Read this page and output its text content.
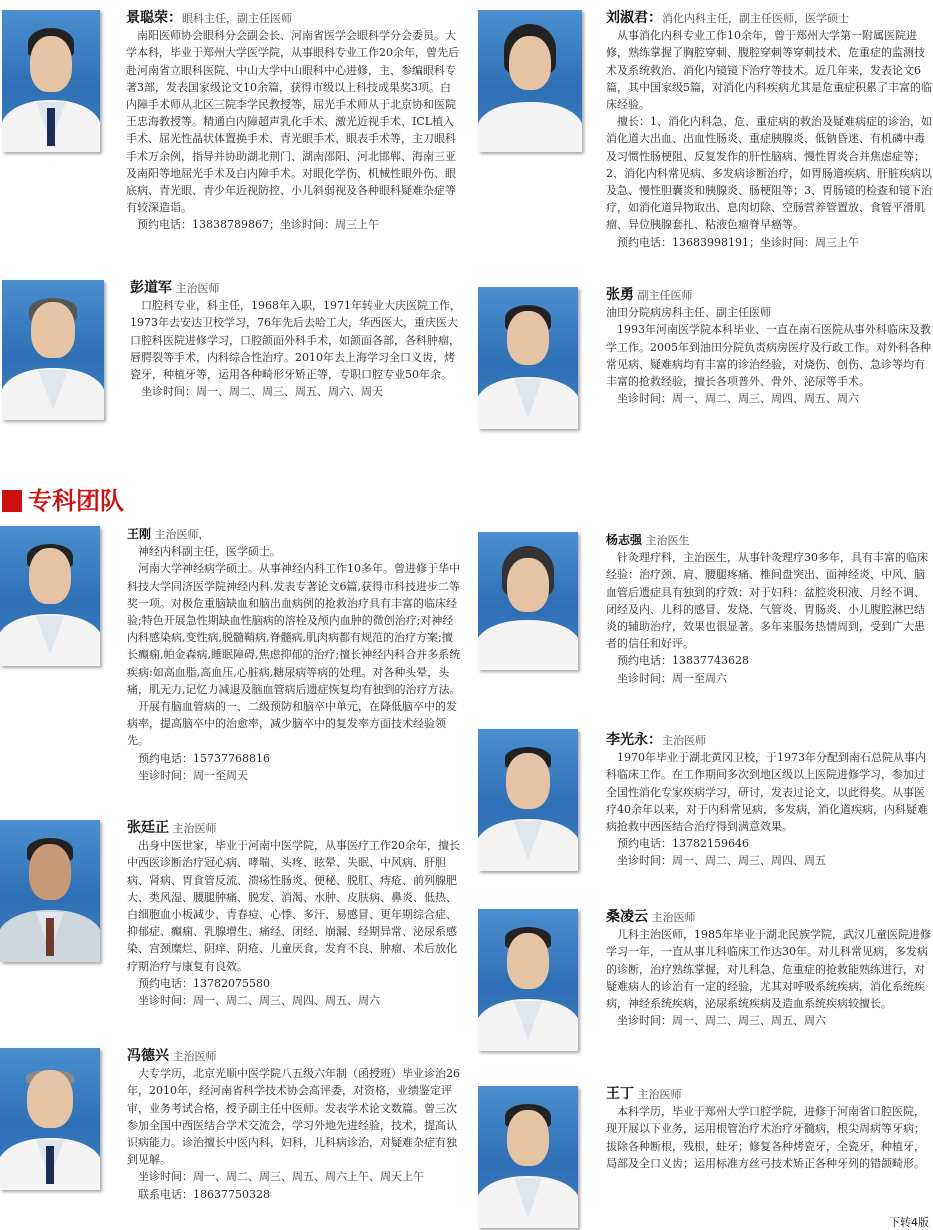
景聪荣：眼科主任，副主任医师

南阳医师协会眼科分会副会长、河南省医学会眼科学分会委员。大学本科，毕业于郑州大学医学院，从事眼科专业工作20余年，曾先后赴河南省立眼科医院、中山大学中山眼科中心进修，主、参编眼科专著3部，发表国家级论文10余篇，获得市级以上科技成果奖3项。白内障手术师从北区三院李学民教授等，屈光手术师从于北京协和医院王忠海教授等。精通白内障超声乳化手术、激光近视手术、ICL植入手术、屈光性晶状体置换手术、青光眼手术、眼表手术等，主刀眼科手术万余例，指导并协助湖北荆门、湖南邵阳、河北邯郸、海南三亚及南阳等地屈光手术及白内障手术。对眼化学伤、机械性眼外伤、眼底病、青光眼、青少年近视防控、小儿斜弱视及各种眼科疑难杂症等有较深造诣。

预约电话：13838789867；坐诊时间：周三上午

彭道军 主治医师

口腔科专业，科主任，1968年入职，1971年转业大庆医院工作，1973年去安达卫校学习，76年先后去哈工大，华西医大，重庆医大口腔科医院进修学习，口腔颌面外科手术，如颌面各部，各科肿瘤，唇腭裂等手术，内科综合性治疗。2010年去上海学习全口义齿，烤瓷牙，种植牙等，运用各种畸形牙矫正等，专职口腔专业50年余。

坐诊时间：周一、周二、周三、周五、周六、周天

刘淑君：消化内科主任，副主任医师，医学硕士

从事消化内科专业工作10余年，曾于郑州大学第一附属医院进修，熟练掌握了胸腔穿刺、腹腔穿刺等穿刺技术、危重症的监测技术及系统救治、消化内镜镜下治疗等技术。近几年来，发表论文6篇，其中国家级5篇，对消化内科疾病尤其是危重症积累了丰富的临床经验。

擅长：1、消化内科急、危、重症病的救治及疑难病症的诊治，如消化道大出血、出血性肠炎、重症胰腺炎、低钠昏迷、有机磷中毒及习惯性肠梗阻、反复发作的肝性脑病、慢性胃炎合并焦虑症等；2、消化内科常见病、多发病诊断治疗，如胃肠道疾病、肝脏疾病以及急、慢性胆囊炎和胰腺炎、肠梗阻等；3、胃肠镜的检查和镜下治疗，如消化道异物取出、息肉切除、空肠营养管置放、食管平滑肌瘤、异位胰腺套扎、粘液色瘤脊早癌等。

预约电话：13683998191；坐诊时间：周三上午

张勇 副主任医师

油田分院病房科主任、副主任医师

1993年河南医学院本科毕业、一直在南石医院从事外科临床及教学工作。2005年到油田分院负责病房医疗及行政工作。对外科各种常见病、疑难病均有丰富的诊治经验，对烧伤、创伤、急诊等均有丰富的抢救经验，擅长各项普外、骨外、泌尿等手术。

坐诊时间：周一、周二、周三、周四、周五、周六

专科团队
王刚 主治医师，

神经内科副主任，医学硕士。

河南大学神经病学硕士。从事神经内科工作10多年。曾进修于华中科技大学同济医学院神经内科.发表专著论文6篇,获得市科技进步二等奖一项。对极危重脑缺血和脑出血病例的抢救治疗具有丰富的临床经验;特色开展急性期缺血性脑病的溶栓及颅内血肿的微创治疗;对神经内科感染病,变性病,脱髓鞘病,脊髓病,肌肉病都有规范的治疗方案;擅长癫痫,帕金森病,睡眠障碍,焦虑抑郁的治疗;擅长神经内科合并多系统疾病:如高血脂,高血压,心脏病,糖尿病等病的处理。对各种头晕，头痛，肌无力,记忆力减退及脑血管病后遗症恢复均有独到的治疗方法。

开展有脑血管病的一、二级预防和脑卒中单元，在降低脑卒中的发病率，提高脑卒中的治愈率，减少脑卒中的复发率方面技术经验领先。

预约电话：15737768816

坐诊时间：周一至周天

张廷正 主治医师

出身中医世家，毕业于河南中医学院，从事医疗工作20余年，擅长中西医诊断治疗冠心病、哮喘、头疼、眩晕、失眠、中风病、肝胆病、肾病、胃食管反流、溃疡性肠炎、便秘、脱肛、痔疮、前列腺肥大、类风湿、腰腿肿痛、脱发、消渴、水肿、皮肤病、鼻炎、低热、白细胞血小板减少、青春痘、心悸、多汗、易感冒、更年期综合症、抑郁症、癫痫、乳腺增生、痛经、闭经、崩漏、经期异常、泌尿系感染、宫颈糜烂、阴痒、阴疮、儿童厌食，发育不良、肿瘤、术后放化疗期治疗与康复有良效。

预约电话：13782075580

坐诊时间：周一、周二、周三、周四、周五、周六

冯德兴 主治医师

大专学历，北京光顺中医学院八五级六年制（函授班）毕业诊治26年，2010年，经河南省科学技术协会高评委，对资格，业绩鉴定评审，业务考试合格，授予副主任中医师。发表学术论文数篇。曾三次参加全国中西医结合学术交流会，学习外地先进经验，技术，提高认识病能力。诊治擅长中医内科，妇科，儿科病诊治，对疑难杂症有独到见解。

坐诊时间：周一、周二、周三、周五、周六上午、周天上午

联系电话：18637750328

杨志强 主治医生

针灸理疗科，主治医生，从事针灸理疗30多年，具有丰富的临床经验：治疗颈、肩、腰腿疼痛、椎间盘突出、面神经炎、中风、脑血管后遗症具有独到的疗效：对于妇科：盆腔炎积液、月经不调、闭经及内、儿科的感冒、发烧、气管炎、胃肠炎、小儿腹腔淋巴结炎的辅助治疗，效果也很显著。多年来服务热情周到，受到广大患者的信任和好评。

预约电话：13837743628

坐诊时间：周一至周六

李光永：主治医师

1970年毕业于湖北黄冈卫校，于1973年分配到南石总院从事内科临床工作。在工作期间多次到地区级以上医院进修学习，参加过全国性消化专家疾病学习，研讨，发表过论文，以此得奖。从事医疗40余年以来，对于内科常见病，多发病，消化道疾病，内科疑难病抢救中西医结合治疗得到满意效果。

预约电话：13782159646

坐诊时间：周一、周二、周三、周四、周五

桑凌云 主治医师

儿科主治医师，1985年毕业于湖北民族学院，武汉儿童医院进修学习一年，一直从事儿科临床工作达30年。对儿科常见病，多发病的诊断，治疗熟练掌握，对儿科急、危重症的抢救能熟练进行，对疑难病人的诊治有一定的经验，尤其对呼吸系统疾病，消化系统疾病，神经系统疾病，泌尿系统疾病及造血系统疾病较擅长。

坐诊时间：周一、周二、周三、周五、周六

王丁 主治医师

本科学历，毕业于郑州大学口腔学院，进修于河南省口腔医院，现开展以下业务，运用根管治疗术治疗牙髓病，根尖周病等牙病；拔除各种断根，残根，蛀牙；修复各种烤瓷牙，全瓷牙，种植牙，局部及全口义齿；运用标准方丝弓技术矫正各种牙列的错颌畸形。

下转4版
